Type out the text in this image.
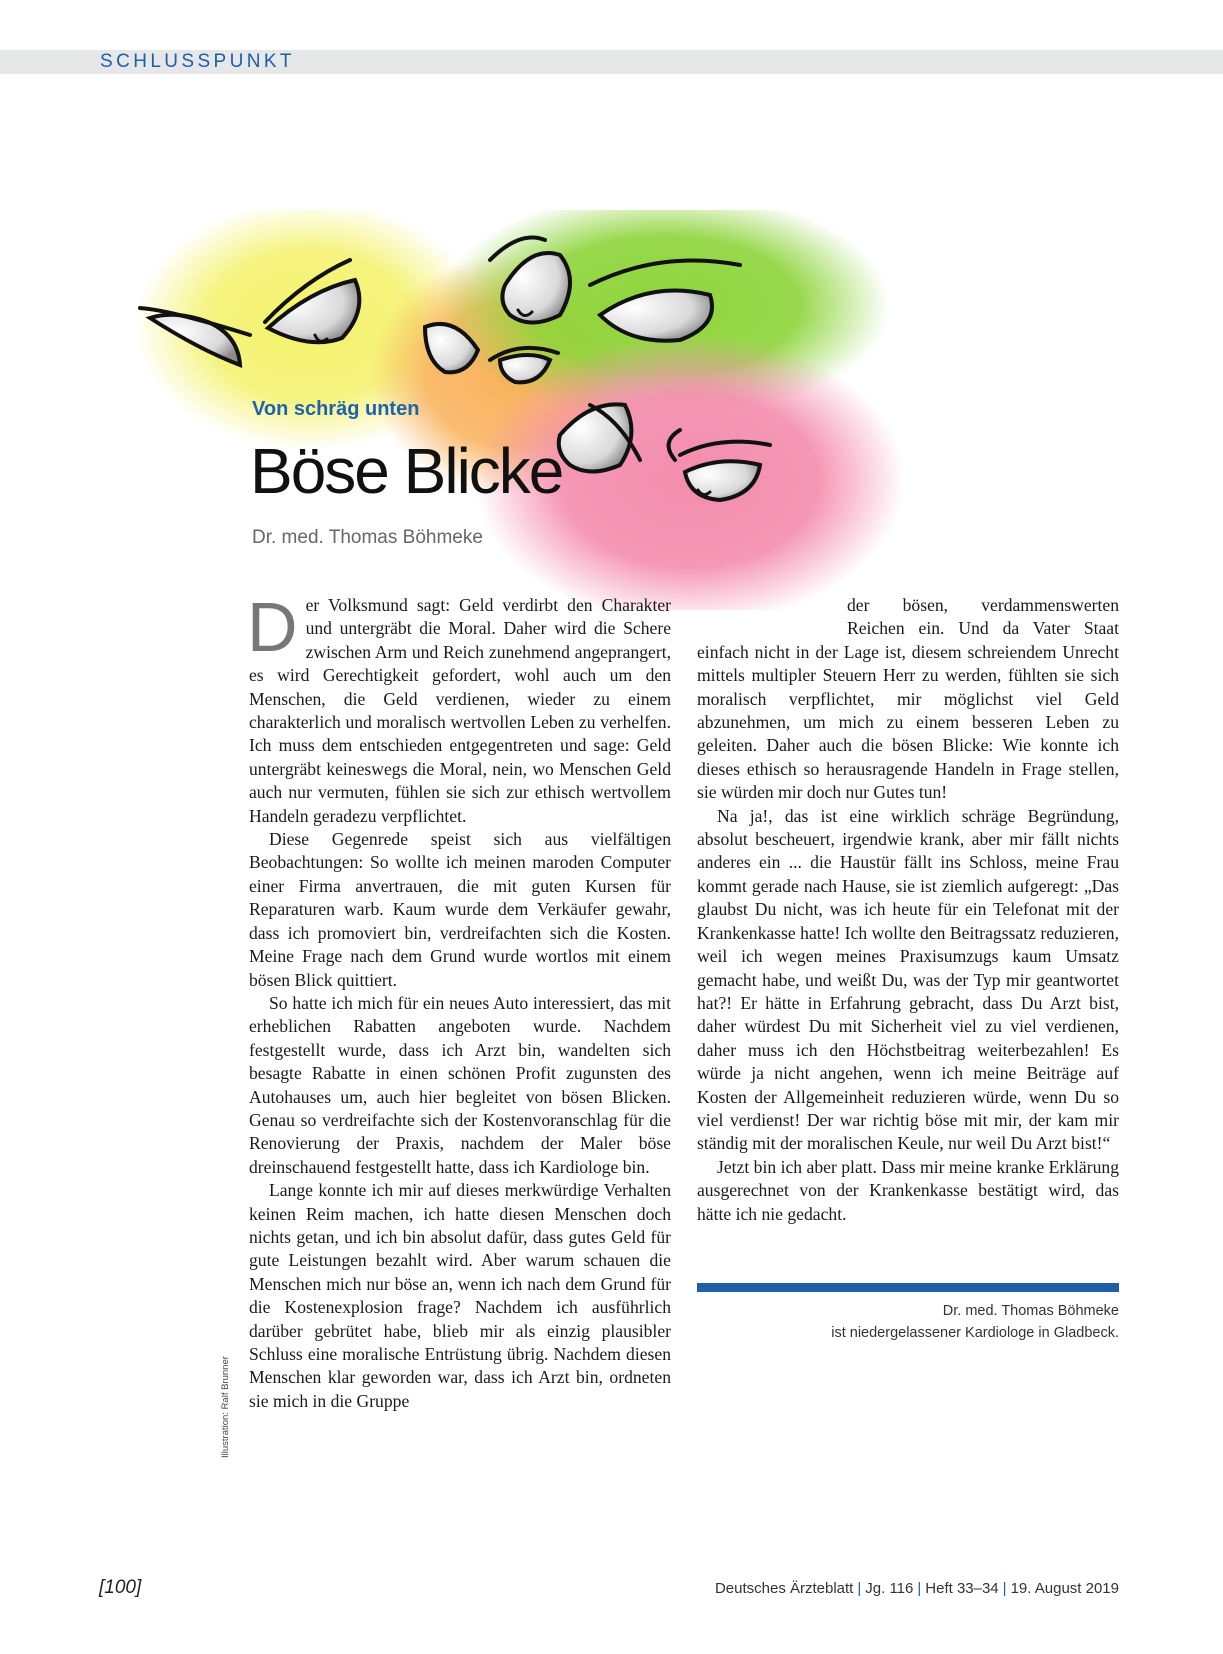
SCHLUSSPUNKT
Von schräg unten
Böse Blicke
Dr. med. Thomas Böhmeke
D er Volksmund sagt: Geld verdirbt den Charakter und untergräbt die Moral. Daher wird die Schere zwischen Arm und Reich zunehmend angeprangert, es wird Gerechtigkeit gefordert, wohl auch um den Menschen, die Geld verdienen, wieder zu einem charakterlich und moralisch wertvollen Leben zu verhelfen. Ich muss dem entschieden entgegentreten und sage: Geld untergräbt keineswegs die Moral, nein, wo Menschen Geld auch nur vermuten, fühlen sie sich zur ethisch wertvollem Handeln geradezu verpflichtet.

Diese Gegenrede speist sich aus vielfältigen Beobachtungen: So wollte ich meinen maroden Computer einer Firma anvertrauen, die mit guten Kursen für Reparaturen warb. Kaum wurde dem Verkäufer gewahr, dass ich promoviert bin, verdreifachten sich die Kosten. Meine Frage nach dem Grund wurde wortlos mit einem bösen Blick quittiert.

So hatte ich mich für ein neues Auto interessiert, das mit erheblichen Rabatten angeboten wurde. Nachdem festgestellt wurde, dass ich Arzt bin, wandelten sich besagte Rabatte in einen schönen Profit zugunsten des Autohauses um, auch hier begleitet von bösen Blicken. Genau so verdreifachte sich der Kostenvoranschlag für die Renovierung der Praxis, nachdem der Maler böse dreinschauend festgestellt hatte, dass ich Kardiologe bin.

Lange konnte ich mir auf dieses merkwürdige Verhalten keinen Reim machen, ich hatte diesen Menschen doch nichts getan, und ich bin absolut dafür, dass gutes Geld für gute Leistungen bezahlt wird. Aber warum schauen die Menschen mich nur böse an, wenn ich nach dem Grund für die Kostenexplosion frage? Nachdem ich ausführlich darüber gebrütet habe, blieb mir als einzig plausibler Schluss eine moralische Entrüstung übrig. Nachdem diesen Menschen klar geworden war, dass ich Arzt bin, ordneten sie mich in die Gruppe

der bösen, verdammenswerten Reichen ein. Und da Vater Staat einfach nicht in der Lage ist, diesem schreiendem Unrecht mittels multipler Steuern Herr zu werden, fühlten sie sich moralisch verpflichtet, mir möglichst viel Geld abzunehmen, um mich zu einem besseren Leben zu geleiten. Daher auch die bösen Blicke: Wie konnte ich dieses ethisch so herausragende Handeln in Frage stellen, sie würden mir doch nur Gutes tun!

Na ja!, das ist eine wirklich schräge Begründung, absolut bescheuert, irgendwie krank, aber mir fällt nichts anderes ein ... die Haustür fällt ins Schloss, meine Frau kommt gerade nach Hause, sie ist ziemlich aufgeregt: „Das glaubst Du nicht, was ich heute für ein Telefonat mit der Krankenkasse hatte! Ich wollte den Beitragssatz reduzieren, weil ich wegen meines Praxisumzugs kaum Umsatz gemacht habe, und weißt Du, was der Typ mir geantwortet hat?! Er hätte in Erfahrung gebracht, dass Du Arzt bist, daher würdest Du mit Sicherheit viel zu viel verdienen, daher muss ich den Höchstbeitrag weiterbezahlen! Es würde ja nicht angehen, wenn ich meine Beiträge auf Kosten der Allgemeinheit reduzieren würde, wenn Du so viel verdienst! Der war richtig böse mit mir, der kam mir ständig mit der moralischen Keule, nur weil Du Arzt bist!“

Jetzt bin ich aber platt. Dass mir meine kranke Erklärung ausgerechnet von der Krankenkasse bestätigt wird, das hätte ich nie gedacht.

Dr. med. Thomas Böhmeke
ist niedergelassener Kardiologe in Gladbeck.
Illustration: Ralf Brunner
[100]	Deutsches Ärzteblatt | Jg. 116 | Heft 33–34 | 19. August 2019
